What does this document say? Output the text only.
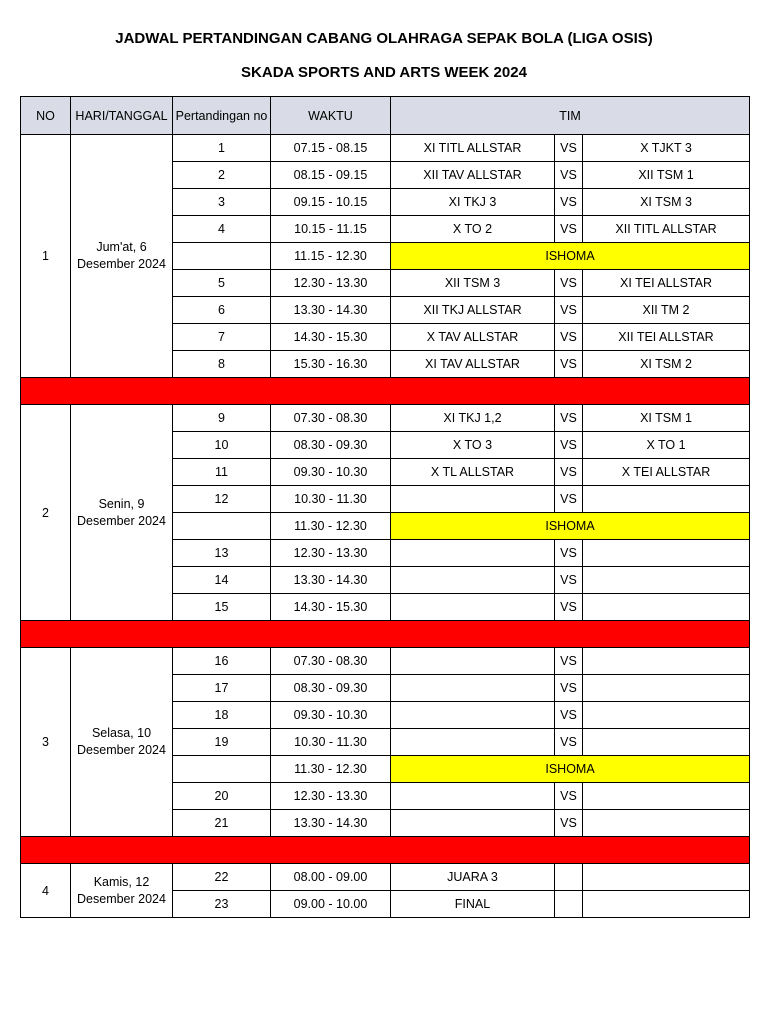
JADWAL PERTANDINGAN CABANG OLAHRAGA SEPAK BOLA (LIGA OSIS)
SKADA SPORTS AND ARTS WEEK 2024
NO	HARI/TANGGAL	Pertandingan no	WAKTU	TIM		
1	Jum'at, 6 Desember 2024	1	07.15 - 08.15	XI TITL ALLSTAR	VS	X TJKT 3
		2	08.15 - 09.15	XII TAV ALLSTAR	VS	XII TSM 1
		3	09.15 - 10.15	XI TKJ 3	VS	XI TSM 3
		4	10.15 - 11.15	X TO 2	VS	XII TITL ALLSTAR
			11.15 - 12.30	ISHOMA		
		5	12.30 - 13.30	XII TSM 3	VS	XI TEI ALLSTAR
		6	13.30 - 14.30	XII TKJ ALLSTAR	VS	XII TM 2
		7	14.30 - 15.30	X TAV ALLSTAR	VS	XII TEI ALLSTAR
		8	15.30 - 16.30	XI TAV ALLSTAR	VS	XI TSM 2

2	Senin, 9 Desember 2024	9	07.30 - 08.30	XI TKJ 1,2	VS	XI TSM 1
		10	08.30 - 09.30	X TO 3	VS	X TO 1
		11	09.30 - 10.30	X TL ALLSTAR	VS	X TEI ALLSTAR
		12	10.30 - 11.30		VS	
			11.30 - 12.30	ISHOMA		
		13	12.30 - 13.30		VS	
		14	13.30 - 14.30		VS	
		15	14.30 - 15.30		VS	

3	Selasa, 10 Desember 2024	16	07.30 - 08.30		VS	
		17	08.30 - 09.30		VS	
		18	09.30 - 10.30		VS	
		19	10.30 - 11.30		VS	
			11.30 - 12.30	ISHOMA		
		20	12.30 - 13.30		VS	
		21	13.30 - 14.30		VS	

4	Kamis, 12 Desember 2024	22	08.00 - 09.00	JUARA 3		
		23	09.00 - 10.00	FINAL		
